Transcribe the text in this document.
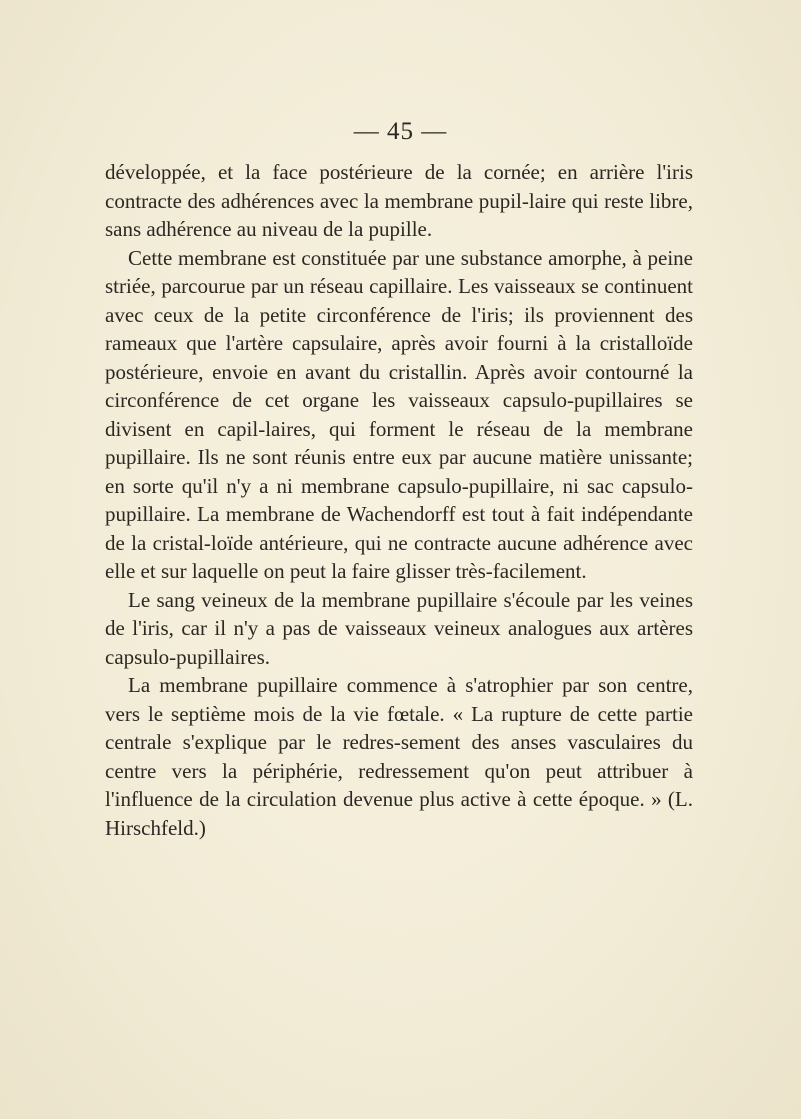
— 45 —

développée, et la face postérieure de la cornée; en arrière l'iris contracte des adhérences avec la membrane pupil-laire qui reste libre, sans adhérence au niveau de la pupille.

Cette membrane est constituée par une substance amorphe, à peine striée, parcourue par un réseau capillaire. Les vaisseaux se continuent avec ceux de la petite circonférence de l'iris; ils proviennent des rameaux que l'artère capsulaire, après avoir fourni à la cristalloïde postérieure, envoie en avant du cristallin. Après avoir contourné la circonférence de cet organe les vaisseaux capsulo-pupillaires se divisent en capil-laires, qui forment le réseau de la membrane pupillaire. Ils ne sont réunis entre eux par aucune matière unissante; en sorte qu'il n'y a ni membrane capsulo-pupillaire, ni sac capsulo-pupillaire. La membrane de Wachendorff est tout à fait indépendante de la cristal-loïde antérieure, qui ne contracte aucune adhérence avec elle et sur laquelle on peut la faire glisser très-facilement.

Le sang veineux de la membrane pupillaire s'écoule par les veines de l'iris, car il n'y a pas de vaisseaux veineux analogues aux artères capsulo-pupillaires.

La membrane pupillaire commence à s'atrophier par son centre, vers le septième mois de la vie fœtale. « La rupture de cette partie centrale s'explique par le redres-sement des anses vasculaires du centre vers la périphérie, redressement qu'on peut attribuer à l'influence de la circulation devenue plus active à cette époque. » (L. Hirschfeld.)
